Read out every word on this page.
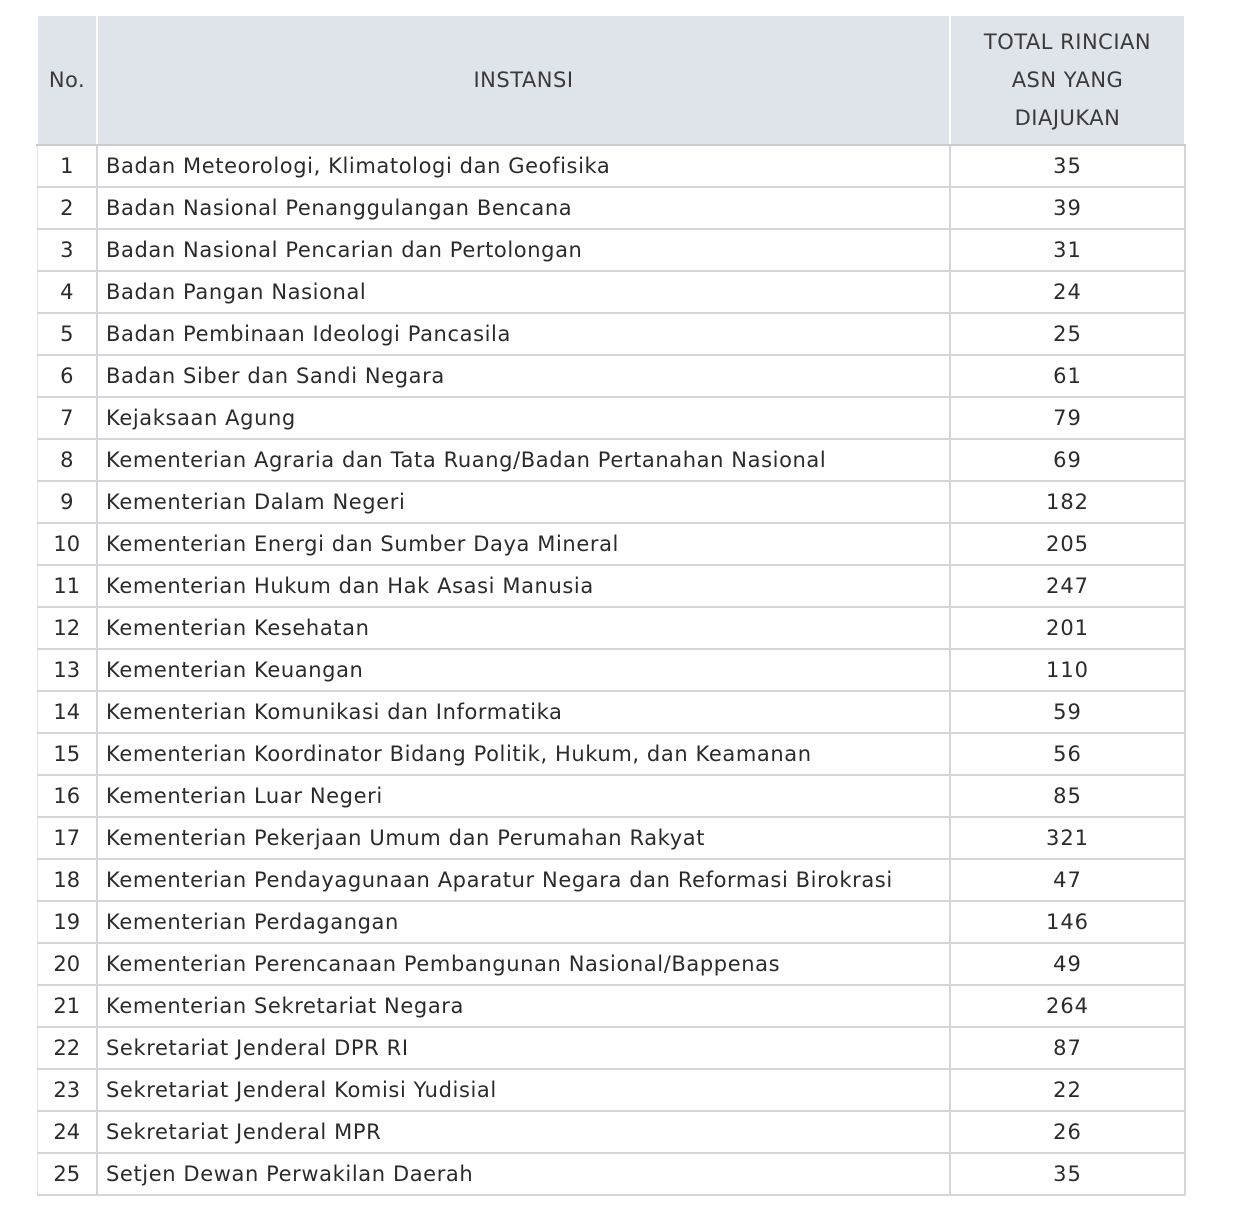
No.	INSTANSI	TOTAL RINCIAN
ASN YANG
DIAJUKAN
1	Badan Meteorologi, Klimatologi dan Geofisika	35
2	Badan Nasional Penanggulangan Bencana	39
3	Badan Nasional Pencarian dan Pertolongan	31
4	Badan Pangan Nasional	24
5	Badan Pembinaan Ideologi Pancasila	25
6	Badan Siber dan Sandi Negara	61
7	Kejaksaan Agung	79
8	Kementerian Agraria dan Tata Ruang/Badan Pertanahan Nasional	69
9	Kementerian Dalam Negeri	182
10	Kementerian Energi dan Sumber Daya Mineral	205
11	Kementerian Hukum dan Hak Asasi Manusia	247
12	Kementerian Kesehatan	201
13	Kementerian Keuangan	110
14	Kementerian Komunikasi dan Informatika	59
15	Kementerian Koordinator Bidang Politik, Hukum, dan Keamanan	56
16	Kementerian Luar Negeri	85
17	Kementerian Pekerjaan Umum dan Perumahan Rakyat	321
18	Kementerian Pendayagunaan Aparatur Negara dan Reformasi Birokrasi	47
19	Kementerian Perdagangan	146
20	Kementerian Perencanaan Pembangunan Nasional/Bappenas	49
21	Kementerian Sekretariat Negara	264
22	Sekretariat Jenderal DPR RI	87
23	Sekretariat Jenderal Komisi Yudisial	22
24	Sekretariat Jenderal MPR	26
25	Setjen Dewan Perwakilan Daerah	35
